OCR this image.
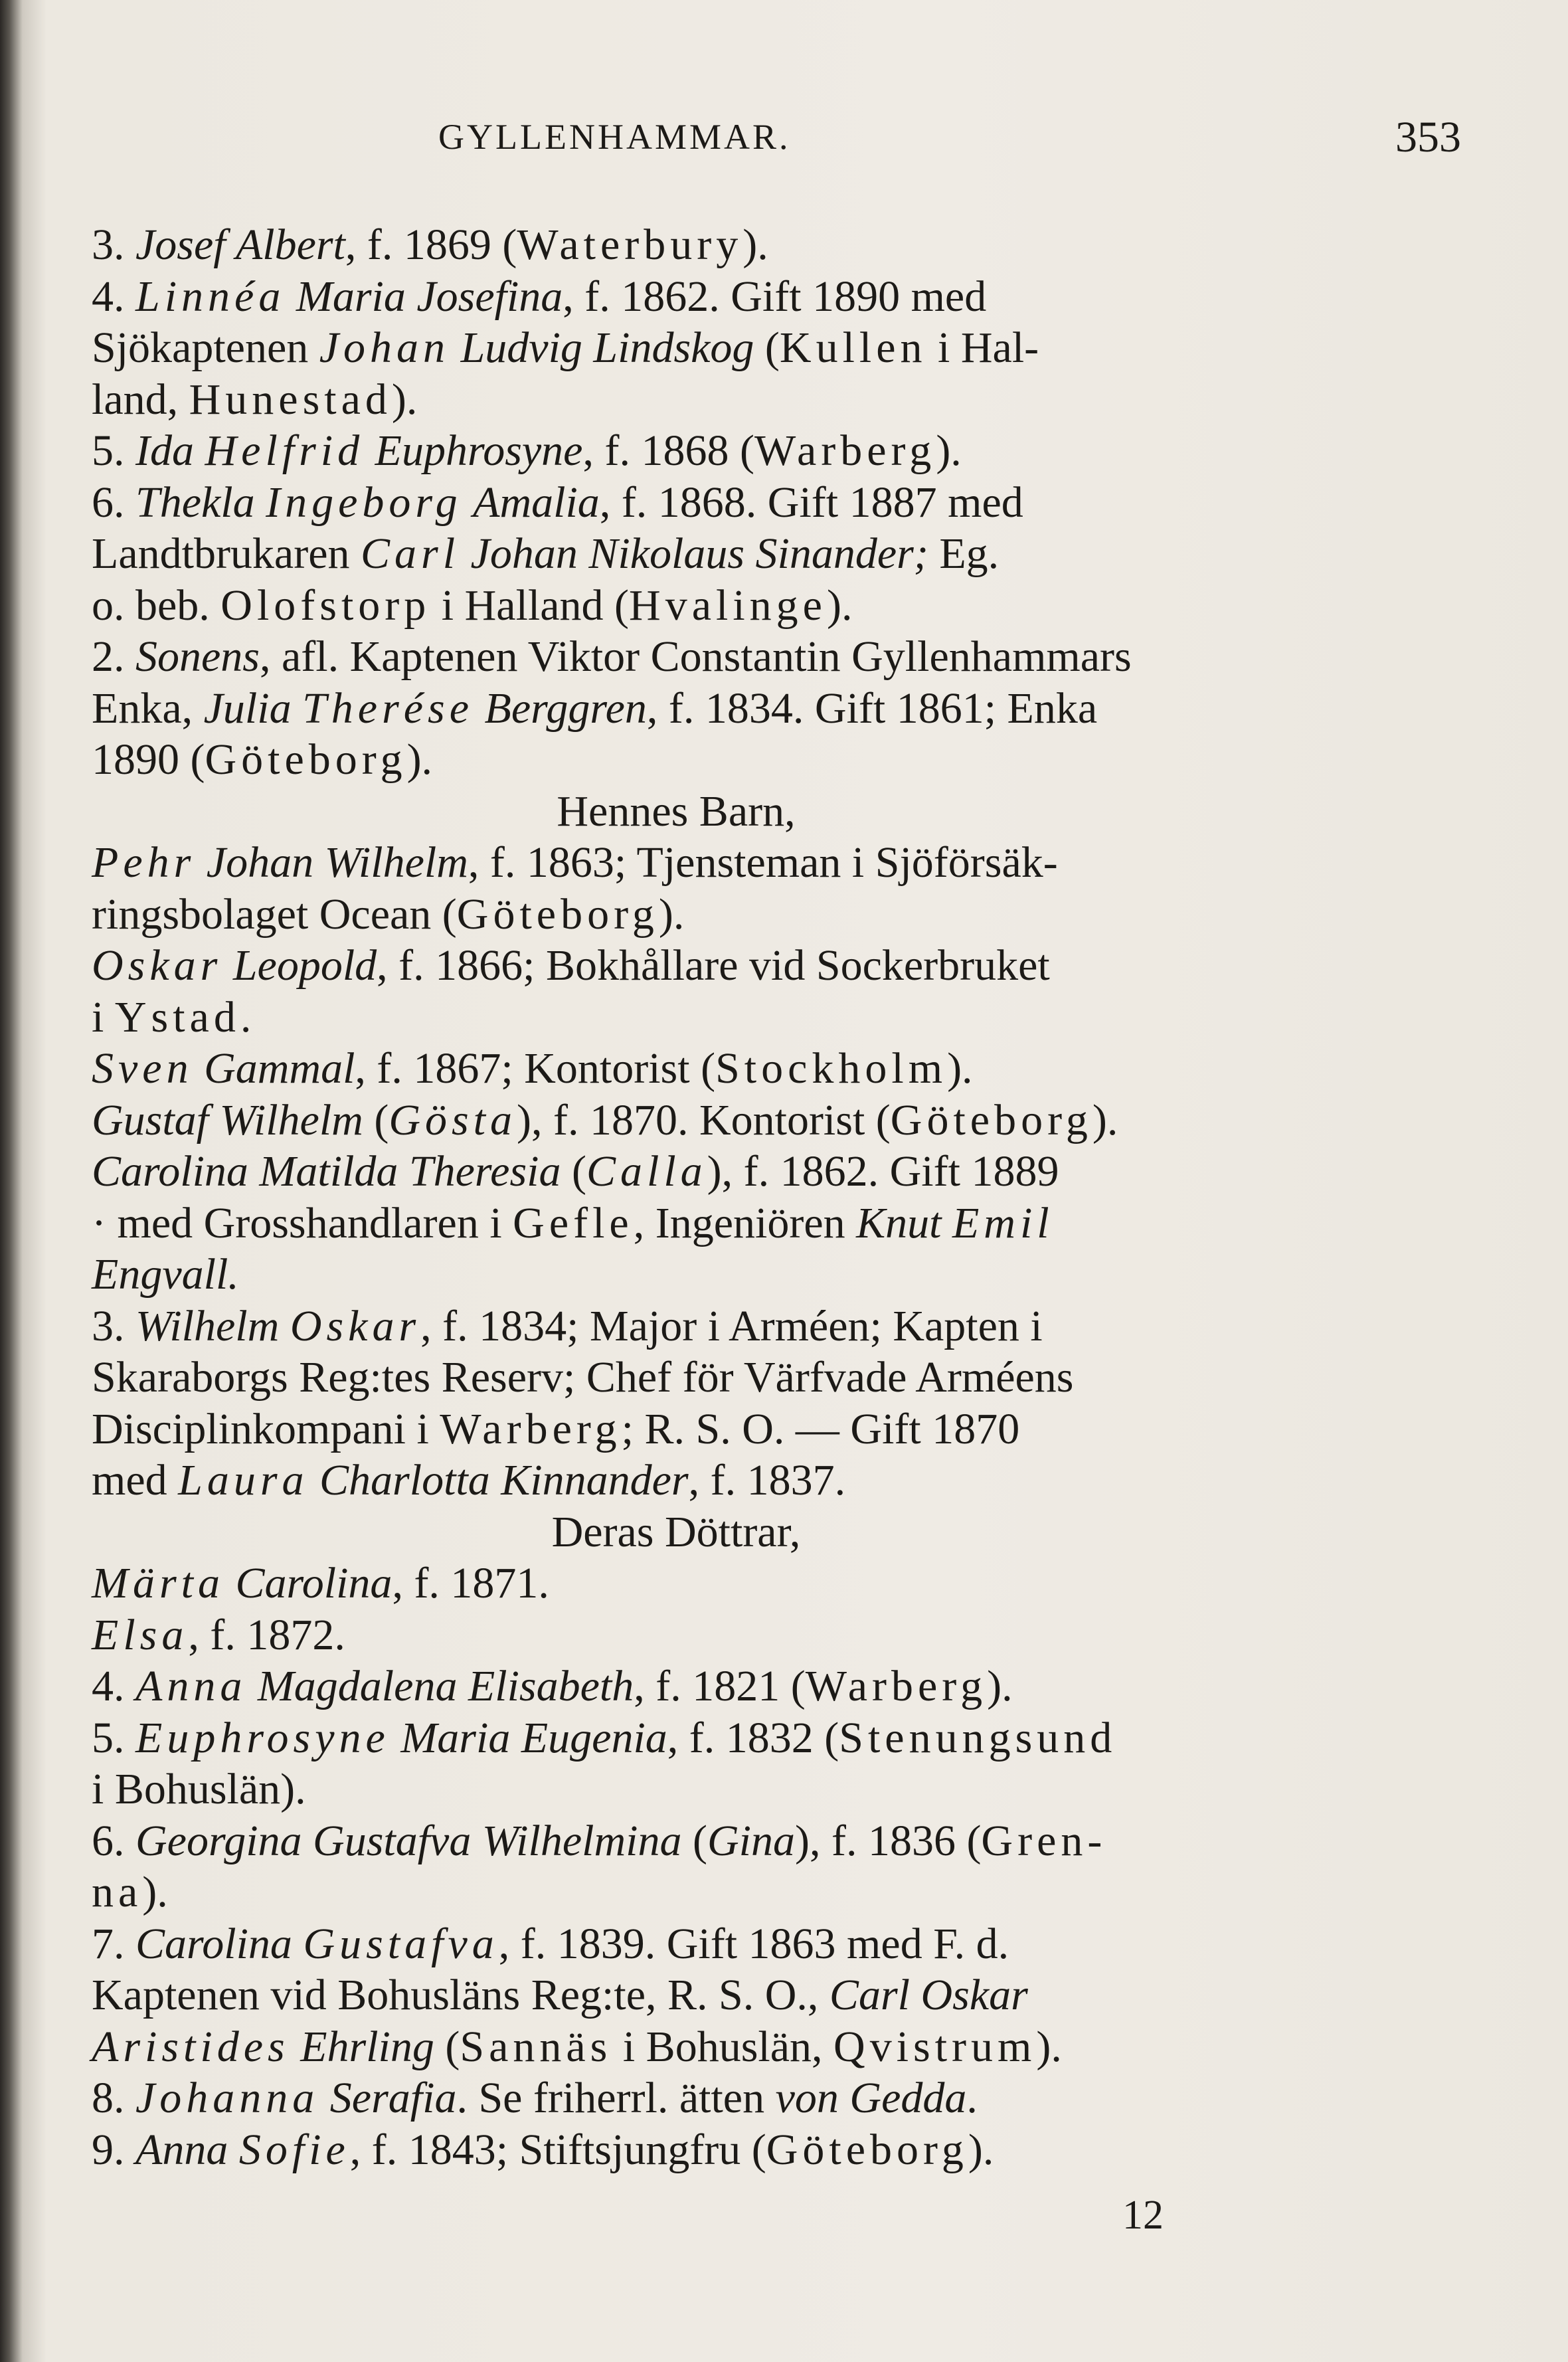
GYLLENHAMMAR.	353
3. Josef Albert, f. 1869 (Waterbury).
4. Linnéa Maria Josefina, f. 1862. Gift 1890 med
Sjökaptenen Johan Ludvig Lindskog (Kullen i Hal-
land, Hunestad).
5. Ida Helfrid Euphrosyne, f. 1868 (Warberg).
6. Thekla Ingeborg Amalia, f. 1868. Gift 1887 med
Landtbrukaren Carl Johan Nikolaus Sinander; Eg.
o. beb. Olofstorp i Halland (Hvalinge).
2. Sonens, afl. Kaptenen Viktor Constantin Gyllenhammars
Enka, Julia Therése Berggren, f. 1834. Gift 1861; Enka
1890 (Göteborg).
Hennes Barn,
Pehr Johan Wilhelm, f. 1863; Tjensteman i Sjöförsäk-
ringsbolaget Ocean (Göteborg).
Oskar Leopold, f. 1866; Bokhållare vid Sockerbruket
i Ystad.
Sven Gammal, f. 1867; Kontorist (Stockholm).
Gustaf Wilhelm (Gösta), f. 1870. Kontorist (Göteborg).
Carolina Matilda Theresia (Calla), f. 1862. Gift 1889
· med Grosshandlaren i Gefle, Ingeniören Knut Emil
Engvall.
3. Wilhelm Oskar, f. 1834; Major i Arméen; Kapten i
Skaraborgs Reg:tes Reserv; Chef för Värfvade Arméens
Disciplinkompani i Warberg; R. S. O. — Gift 1870
med Laura Charlotta Kinnander, f. 1837.
Deras Döttrar,
Märta Carolina, f. 1871.
Elsa, f. 1872.
4. Anna Magdalena Elisabeth, f. 1821 (Warberg).
5. Euphrosyne Maria Eugenia, f. 1832 (Stenungsund
i Bohuslän).
6. Georgina Gustafva Wilhelmina (Gina), f. 1836 (Gren-
na).
7. Carolina Gustafva, f. 1839. Gift 1863 med F. d.
Kaptenen vid Bohusläns Reg:te, R. S. O., Carl Oskar
Aristides Ehrling (Sannäs i Bohuslän, Qvistrum).
8. Johanna Serafia. Se friherrl. ätten von Gedda.
9. Anna Sofie, f. 1843; Stiftsjungfru (Göteborg).
12
